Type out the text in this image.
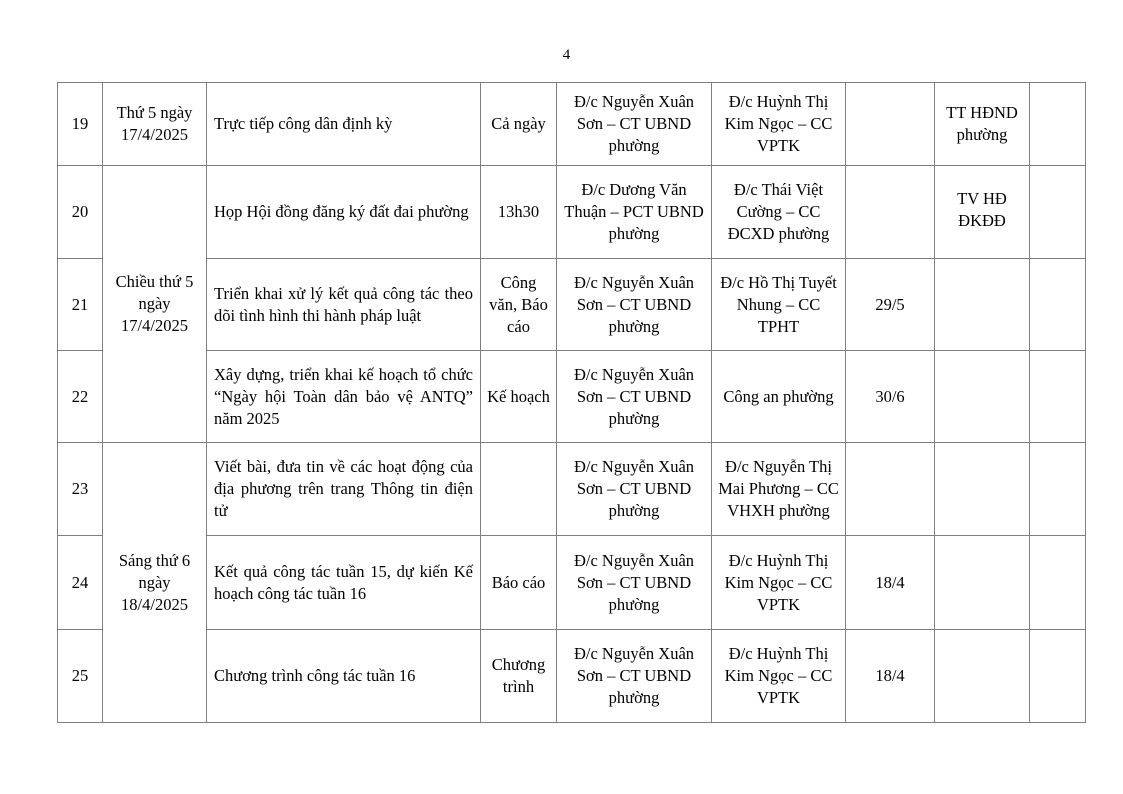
4
19	Thứ 5 ngày 17/4/2025	Trực tiếp công dân định kỳ	Cả ngày	Đ/c Nguyễn Xuân Sơn – CT UBND phường	Đ/c Huỳnh Thị Kim Ngọc – CC VPTK		TT HĐND phường	
20	Chiều thứ 5 ngày 17/4/2025	Họp Hội đồng đăng ký đất đai phường	13h30	Đ/c Dương Văn Thuận – PCT UBND phường	Đ/c Thái Việt Cường – CC ĐCXD phường		TV HĐ ĐKĐĐ	
21		Triển khai xử lý kết quả công tác theo dõi tình hình thi hành pháp luật	Công văn, Báo cáo	Đ/c Nguyễn Xuân Sơn – CT UBND phường	Đ/c Hồ Thị Tuyết Nhung – CC TPHT	29/5		
22		Xây dựng, triển khai kế hoạch tổ chức “Ngày hội Toàn dân bảo vệ ANTQ” năm 2025	Kế hoạch	Đ/c Nguyễn Xuân Sơn – CT UBND phường	Công an phường	30/6		
23	Sáng thứ 6 ngày 18/4/2025	Viết bài, đưa tin về các hoạt động của địa phương trên trang Thông tin điện tử		Đ/c Nguyễn Xuân Sơn – CT UBND phường	Đ/c Nguyễn Thị Mai Phương – CC VHXH phường			
24		Kết quả công tác tuần 15, dự kiến Kế hoạch công tác tuần 16	Báo cáo	Đ/c Nguyễn Xuân Sơn – CT UBND phường	Đ/c Huỳnh Thị Kim Ngọc – CC VPTK	18/4		
25		Chương trình công tác tuần 16	Chương trình	Đ/c Nguyễn Xuân Sơn – CT UBND phường	Đ/c Huỳnh Thị Kim Ngọc – CC VPTK	18/4		
